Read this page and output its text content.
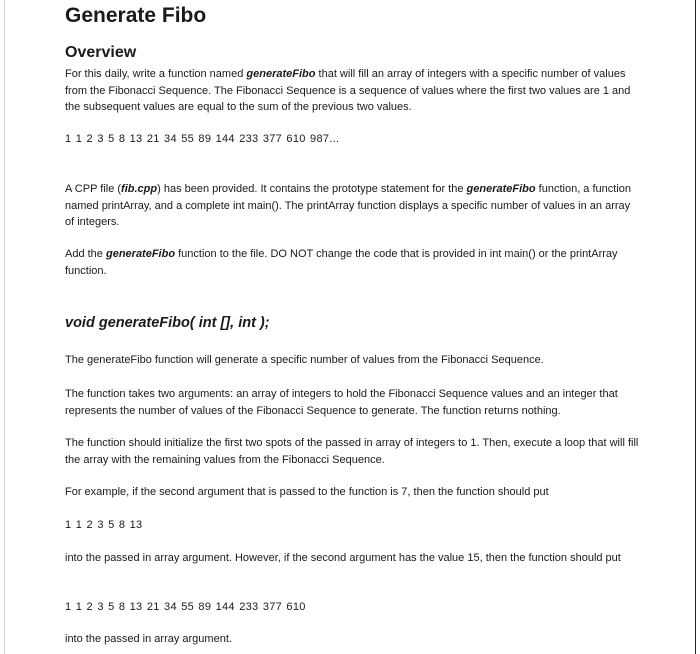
Generate Fibo
Overview

For this daily, write a function named generateFibo that will fill an array of integers with a specific number of values from the Fibonacci Sequence. The Fibonacci Sequence is a sequence of values where the first two values are 1 and the subsequent values are equal to the sum of the previous two values.

1 1 2 3 5 8 13 21 34 55 89 144 233 377 610 987...

A CPP file (fib.cpp) has been provided. It contains the prototype statement for the generateFibo function, a function named printArray, and a complete int main(). The printArray function displays a specific number of values in an array of integers.

Add the generateFibo function to the file. DO NOT change the code that is provided in int main() or the printArray function.

void generateFibo( int [], int );

The generateFibo function will generate a specific number of values from the Fibonacci Sequence.

The function takes two arguments: an array of integers to hold the Fibonacci Sequence values and an integer that represents the number of values of the Fibonacci Sequence to generate. The function returns nothing.

The function should initialize the first two spots of the passed in array of integers to 1. Then, execute a loop that will fill the array with the remaining values from the Fibonacci Sequence.

For example, if the second argument that is passed to the function is 7, then the function should put

1 1 2 3 5 8 13

into the passed in array argument. However, if the second argument has the value 15, then the function should put

1 1 2 3 5 8 13 21 34 55 89 144 233 377 610

into the passed in array argument.
